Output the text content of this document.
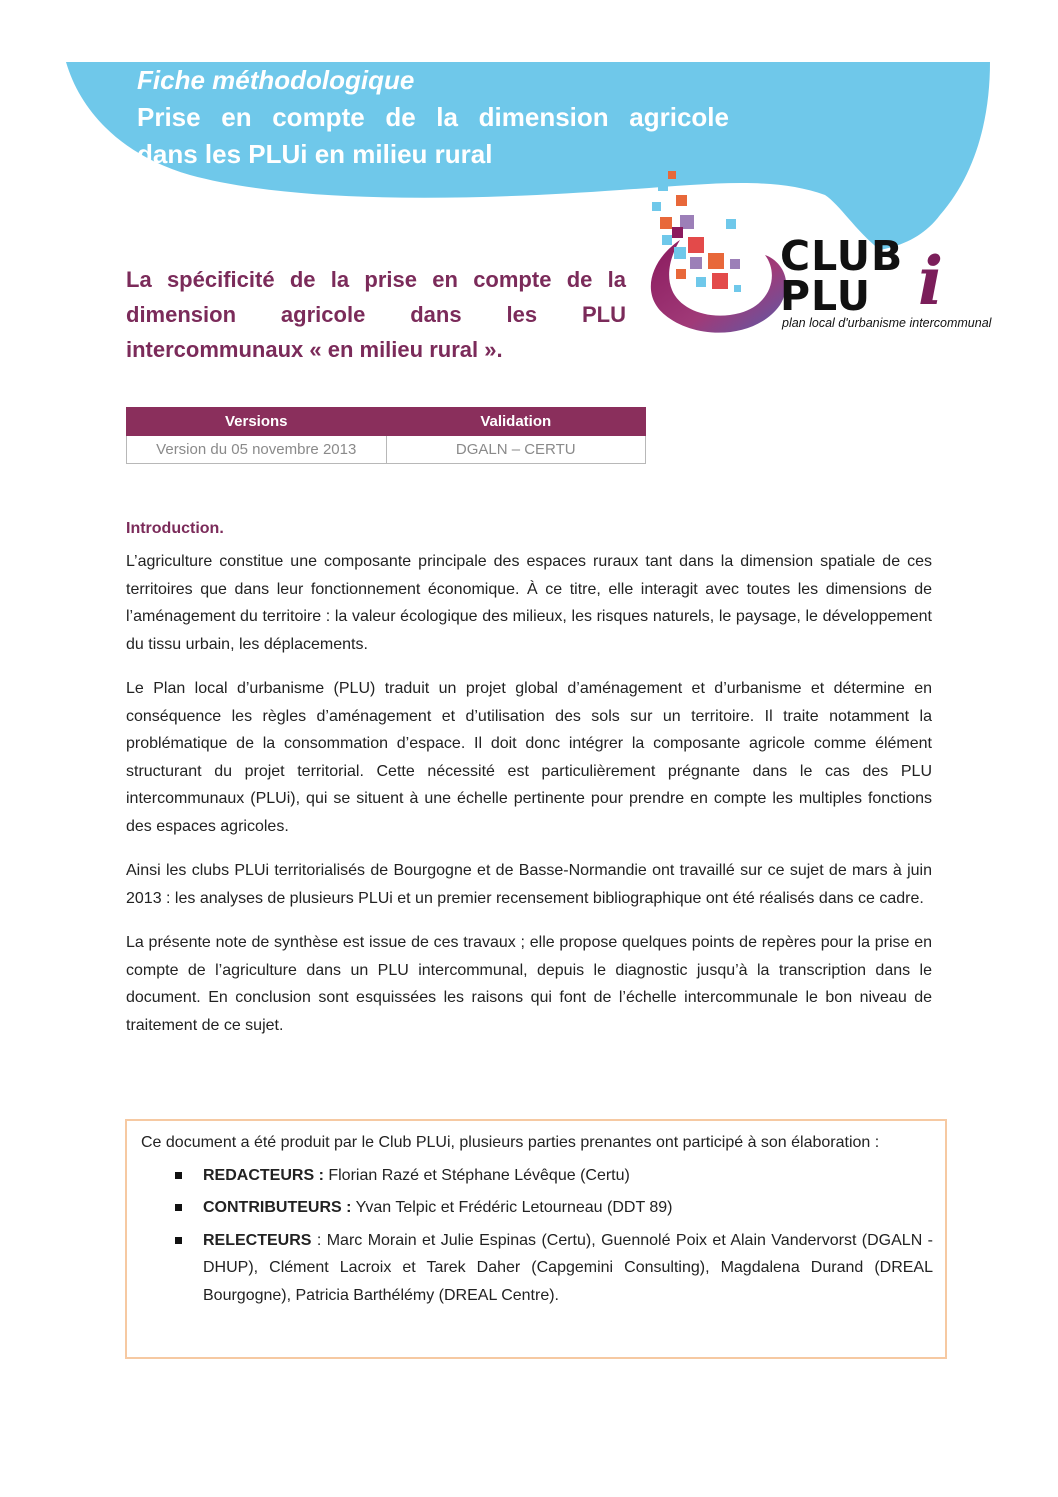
Fiche méthodologique
Prise en compte de la dimension agricole
dans les PLUi en milieu rural
CLUB
PLU i
plan local d'urbanisme intercommunal
La spécificité de la prise en compte de la
dimension agricole dans les PLU
intercommunaux « en milieu rural ».
Versions	Validation
Version du 05 novembre 2013	DGALN – CERTU
Introduction.

L’agriculture constitue une composante principale des espaces ruraux tant dans la dimension spatiale de ces territoires que dans leur fonctionnement économique. À ce titre, elle interagit avec toutes les dimensions de l’aménagement du territoire : la valeur écologique des milieux, les risques naturels, le paysage, le développement du tissu urbain, les déplacements.

Le Plan local d’urbanisme (PLU) traduit un projet global d’aménagement et d’urbanisme et détermine en conséquence les règles d’aménagement et d’utilisation des sols sur un territoire. Il traite notamment la problématique de la consommation d’espace. Il doit donc intégrer la composante agricole comme élément structurant du projet territorial. Cette nécessité est particulièrement prégnante dans le cas des PLU intercommunaux (PLUi), qui se situent à une échelle pertinente pour prendre en compte les multiples fonctions des espaces agricoles.

Ainsi les clubs PLUi territorialisés de Bourgogne et de Basse-Normandie ont travaillé sur ce sujet de mars à juin 2013 : les analyses de plusieurs PLUi et un premier recensement bibliographique ont été réalisés dans ce cadre.

La présente note de synthèse est issue de ces travaux ; elle propose quelques points de repères pour la prise en compte de l’agriculture dans un PLU intercommunal, depuis le diagnostic jusqu’à la transcription dans le document. En conclusion sont esquissées les raisons qui font de l’échelle intercommunale le bon niveau de traitement de ce sujet.

Ce document a été produit par le Club PLUi, plusieurs parties prenantes ont participé à son élaboration :

REDACTEURS : Florian Razé et Stéphane Lévêque (Certu)
CONTRIBUTEURS : Yvan Telpic et Frédéric Letourneau (DDT 89)
RELECTEURS : Marc Morain et Julie Espinas (Certu), Guennolé Poix et Alain Vandervorst (DGALN - DHUP), Clément Lacroix et Tarek Daher (Capgemini Consulting), Magdalena Durand (DREAL Bourgogne), Patricia Barthélémy (DREAL Centre).
